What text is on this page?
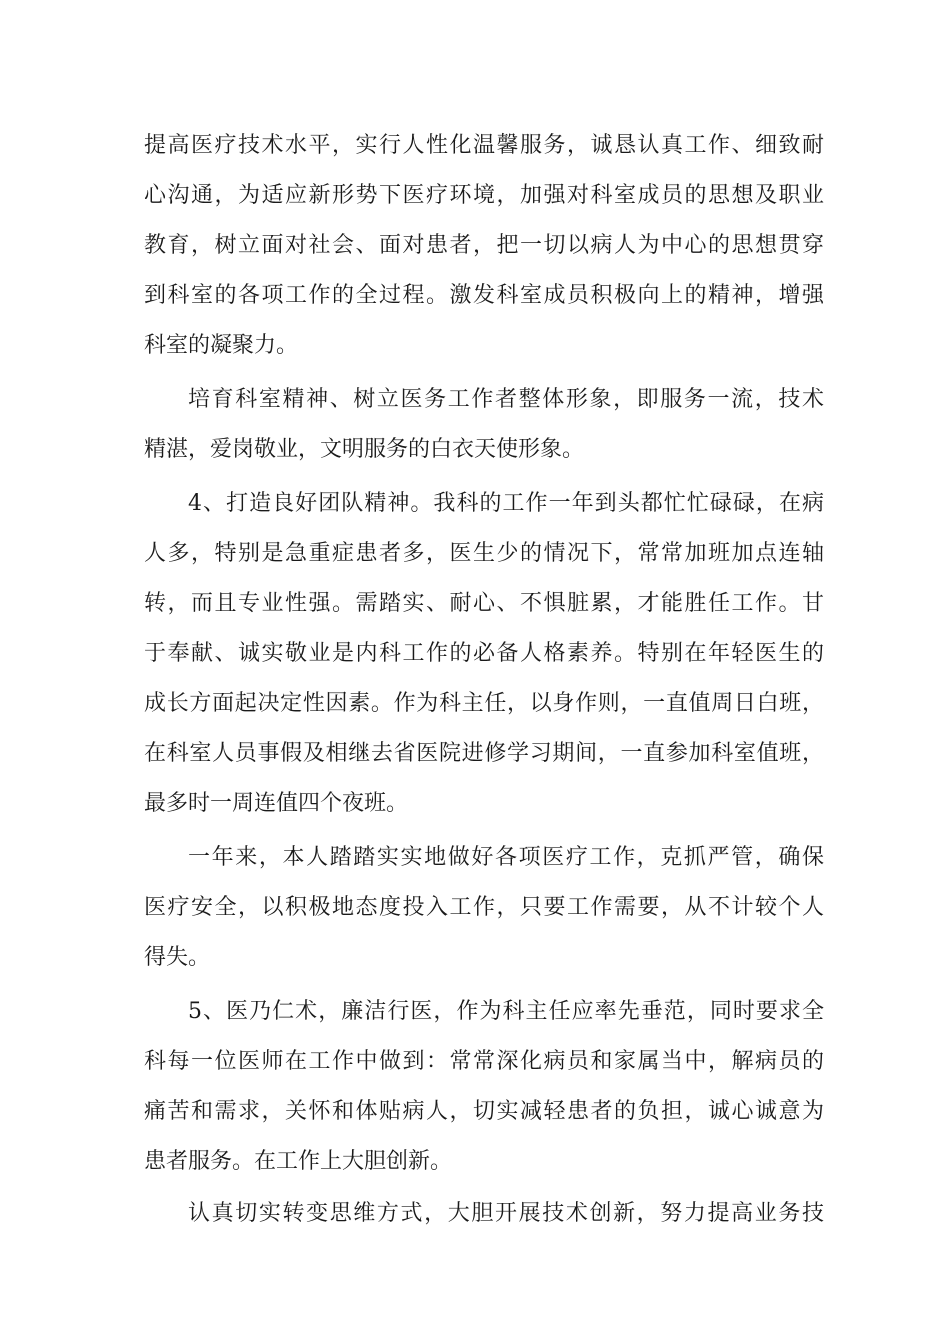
提高医疗技术水平，实行人性化温馨服务，诚恳认真工作、细致耐
心沟通，为适应新形势下医疗环境，加强对科室成员的思想及职业
教育，树立面对社会、面对患者，把一切以病人为中心的思想贯穿
到科室的各项工作的全过程。激发科室成员积极向上的精神，增强
科室的凝聚力。
培育科室精神、树立医务工作者整体形象，即服务一流，技术
精湛，爱岗敬业，文明服务的白衣天使形象。
4、打造良好团队精神。我科的工作一年到头都忙忙碌碌，在病
人多，特别是急重症患者多，医生少的情况下，常常加班加点连轴
转，而且专业性强。需踏实、耐心、不惧脏累，才能胜任工作。甘
于奉献、诚实敬业是内科工作的必备人格素养。特别在年轻医生的
成长方面起决定性因素。作为科主任，以身作则，一直值周日白班，
在科室人员事假及相继去省医院进修学习期间，一直参加科室值班，
最多时一周连值四个夜班。
一年来，本人踏踏实实地做好各项医疗工作，克抓严管，确保
医疗安全，以积极地态度投入工作，只要工作需要，从不计较个人
得失。
5、医乃仁术，廉洁行医，作为科主任应率先垂范，同时要求全
科每一位医师在工作中做到：常常深化病员和家属当中，解病员的
痛苦和需求，关怀和体贴病人，切实减轻患者的负担，诚心诚意为
患者服务。在工作上大胆创新。
认真切实转变思维方式，大胆开展技术创新，努力提高业务技
